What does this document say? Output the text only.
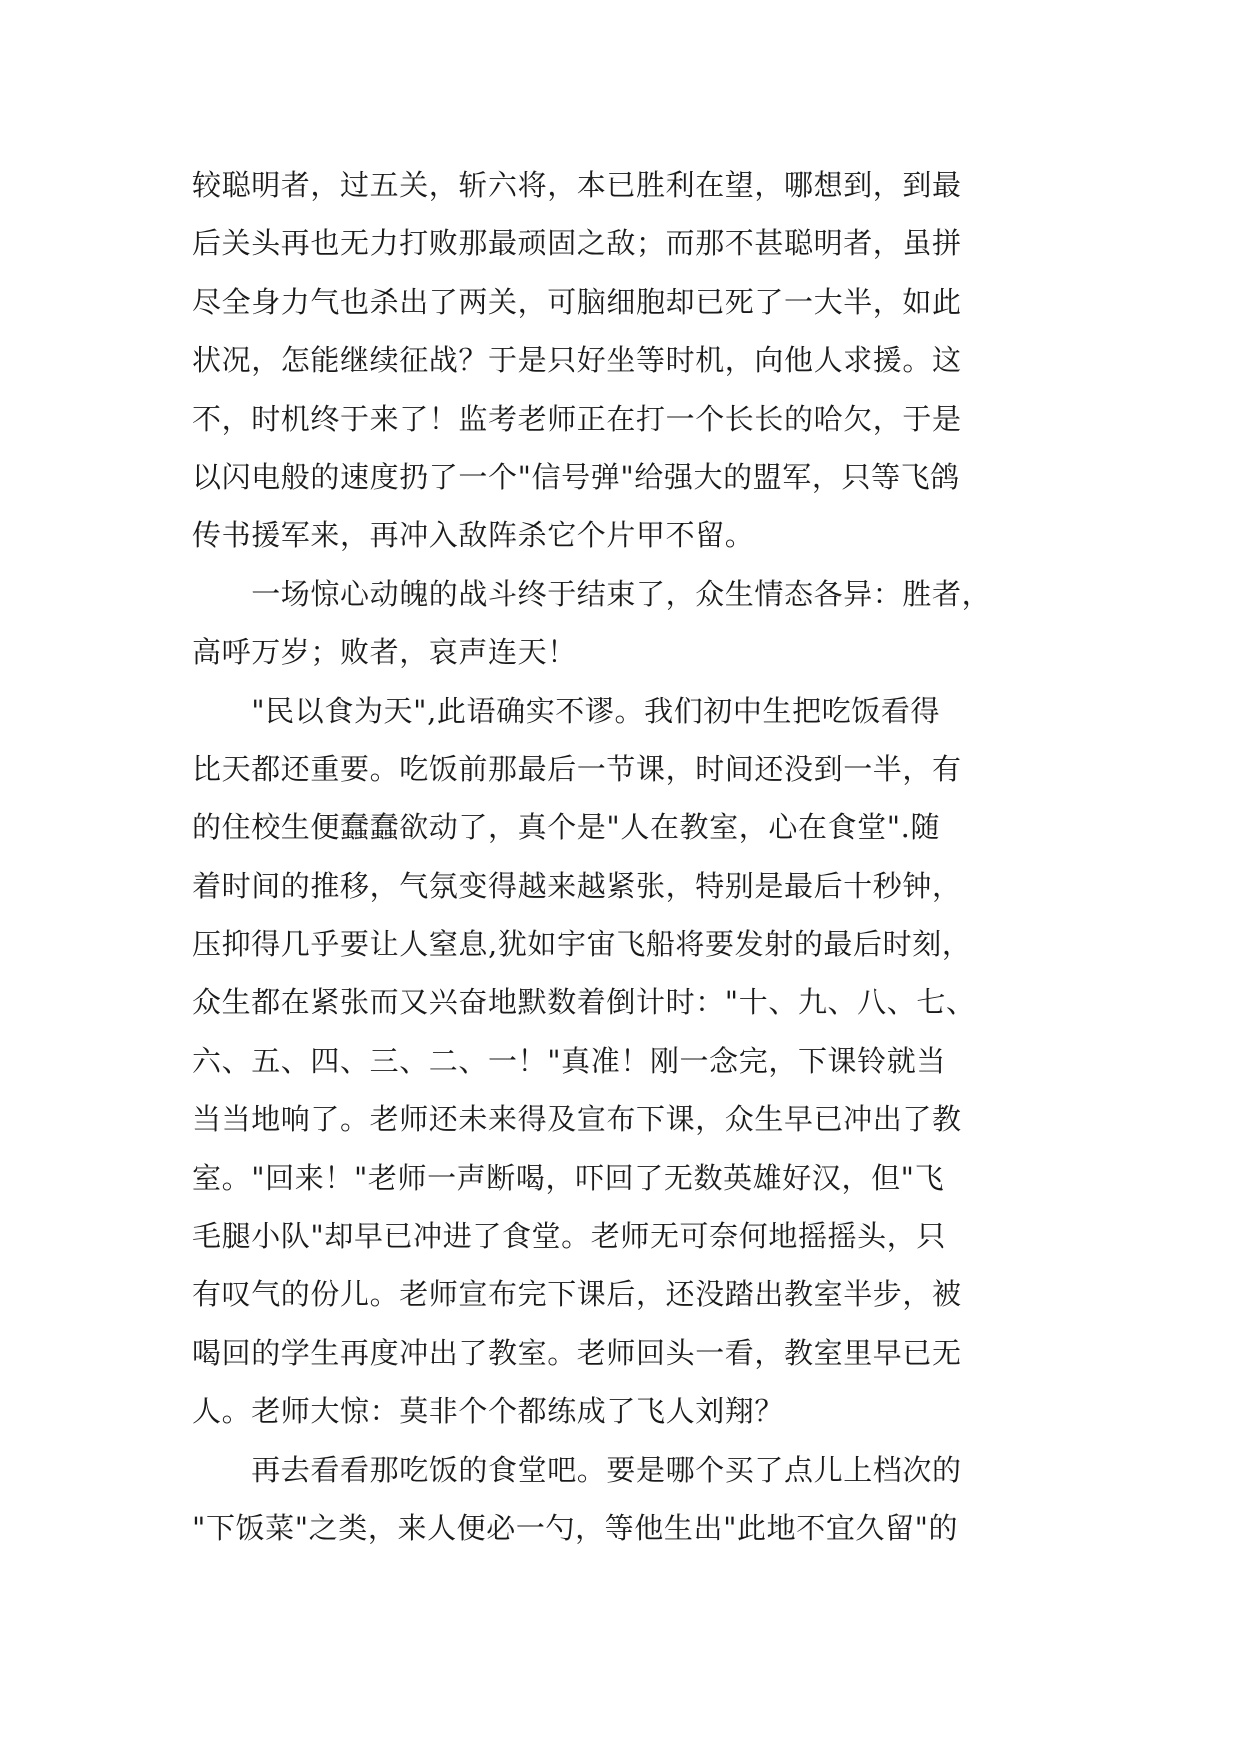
较聪明者，过五关，斩六将，本已胜利在望，哪想到，到最
后关头再也无力打败那最顽固之敌；而那不甚聪明者，虽拼
尽全身力气也杀出了两关，可脑细胞却已死了一大半，如此
状况，怎能继续征战？于是只好坐等时机，向他人求援。这
不，时机终于来了！监考老师正在打一个长长的哈欠，于是
以闪电般的速度扔了一个"信号弹"给强大的盟军，只等飞鸽
传书援军来，再冲入敌阵杀它个片甲不留。
　　一场惊心动魄的战斗终于结束了，众生情态各异：胜者，
高呼万岁；败者，哀声连天！
　　"民以食为天",此语确实不谬。我们初中生把吃饭看得
比天都还重要。吃饭前那最后一节课，时间还没到一半，有
的住校生便蠢蠢欲动了，真个是"人在教室，心在食堂".随
着时间的推移，气氛变得越来越紧张，特别是最后十秒钟，
压抑得几乎要让人窒息,犹如宇宙飞船将要发射的最后时刻，
众生都在紧张而又兴奋地默数着倒计时："十、九、八、七、
六、五、四、三、二、一！"真准！刚一念完，下课铃就当
当当地响了。老师还未来得及宣布下课，众生早已冲出了教
室。"回来！"老师一声断喝，吓回了无数英雄好汉，但"飞
毛腿小队"却早已冲进了食堂。老师无可奈何地摇摇头，只
有叹气的份儿。老师宣布完下课后，还没踏出教室半步，被
喝回的学生再度冲出了教室。老师回头一看，教室里早已无
人。老师大惊：莫非个个都练成了飞人刘翔？
　　再去看看那吃饭的食堂吧。要是哪个买了点儿上档次的
"下饭菜"之类，来人便必一勺，等他生出"此地不宜久留"的
